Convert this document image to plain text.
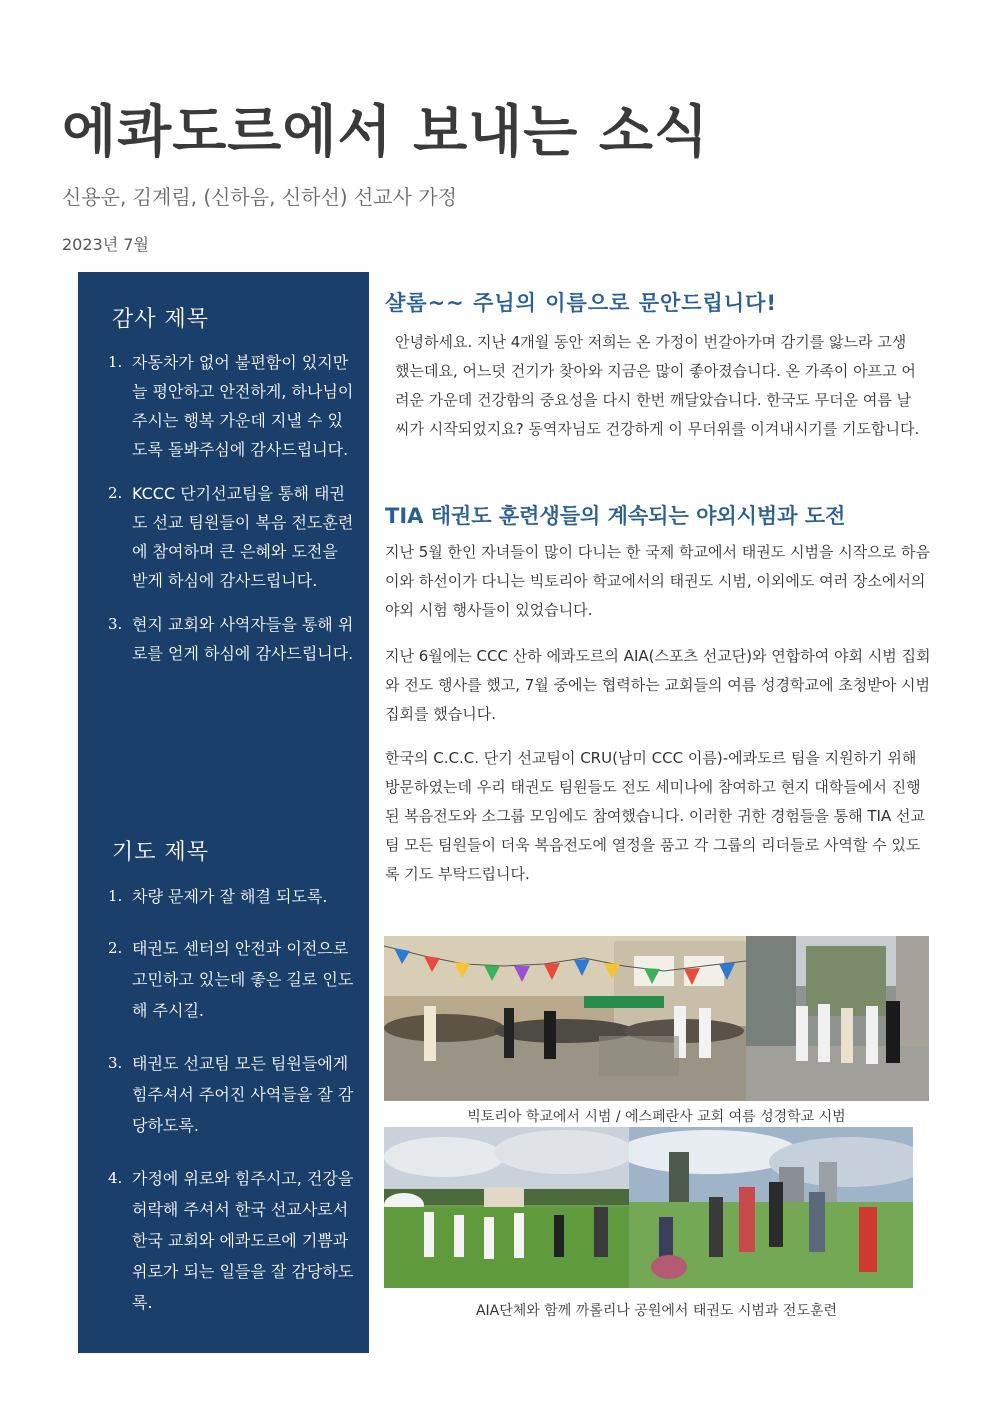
에콰도르에서 보내는 소식

신용운, 김계림, (신하음, 신하선) 선교사 가정

2023년 7월

감사 제목
1. 자동차가 없어 불편함이 있지만 늘 평안하고 안전하게, 하나님이 주시는 행복 가운데 지낼 수 있도록 돌봐주심에 감사드립니다.
2. KCCC 단기선교팀을 통해 태권도 선교 팀원들이 복음 전도훈련에 참여하며 큰 은혜와 도전을 받게 하심에 감사드립니다.
3. 현지 교회와 사역자들을 통해 위로를 얻게 하심에 감사드립니다.
기도 제목
1. 차량 문제가 잘 해결 되도록.
2. 태권도 센터의 안전과 이전으로 고민하고 있는데 좋은 길로 인도해 주시길.
3. 태권도 선교팀 모든 팀원들에게 힘주셔서 주어진 사역들을 잘 감당하도록.
4. 가정에 위로와 힘주시고, 건강을 허락해 주셔서 한국 선교사로서 한국 교회와 에콰도르에 기쁨과 위로가 되는 일들을 잘 감당하도록.
샬롬~~ 주님의 이름으로 문안드립니다!

안녕하세요. 지난 4개월 동안 저희는 온 가정이 번갈아가며 감기를 앓느라 고생했는데요, 어느덧 건기가 찾아와 지금은 많이 좋아졌습니다. 온 가족이 아프고 어려운 가운데 건강함의 중요성을 다시 한번 깨달았습니다. 한국도 무더운 여름 날씨가 시작되었지요? 동역자님도 건강하게 이 무더위를 이겨내시기를 기도합니다.

TIA 태권도 훈련생들의 계속되는 야외시범과 도전

지난 5월 한인 자녀들이 많이 다니는 한 국제 학교에서 태권도 시범을 시작으로 하음이와 하선이가 다니는 빅토리아 학교에서의 태권도 시범, 이외에도 여러 장소에서의 야외 시험 행사들이 있었습니다.

지난 6월에는 CCC 산하 에콰도르의 AIA(스포츠 선교단)와 연합하여 야회 시범 집회와 전도 행사를 했고, 7월 중에는 협력하는 교회들의 여름 성경학교에 초청받아 시범 집회를 했습니다.

한국의 C.C.C. 단기 선교팀이 CRU(남미 CCC 이름)-에콰도르 팀을 지원하기 위해 방문하였는데 우리 태권도 팀원들도 전도 세미나에 참여하고 현지 대학들에서 진행된 복음전도와 소그룹 모임에도 참여했습니다. 이러한 귀한 경험들을 통해 TIA 선교팀 모든 팀원들이 더욱 복음전도에 열정을 품고 각 그룹의 리더들로 사역할 수 있도록 기도 부탁드립니다.

빅토리아 학교에서 시범 / 에스페란사 교회 여름 성경학교 시범

AIA단체와 함께 까롤리나 공원에서 태권도 시범과 전도훈련
